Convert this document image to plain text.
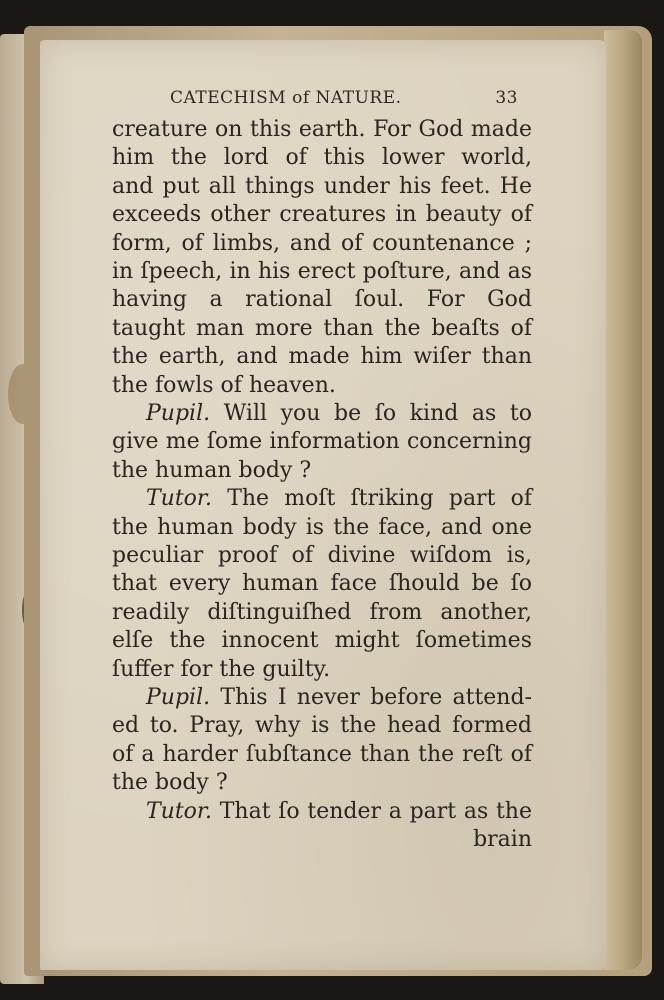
CATECHISM of NATURE.	33
creature on this earth. For God made
him the lord of this lower world,
and put all things under his feet. He
exceeds other creatures in beauty of
form, of limbs, and of countenance ;
in ſpeech, in his erect poſture, and as
having a rational ſoul. For God
taught man more than the beaſts of
the earth, and made him wiſer than
the fowls of heaven.
Pupil. Will you be ſo kind as to
give me ſome information concerning
the human body ?
Tutor. The moſt ſtriking part of
the human body is the face, and one
peculiar proof of divine wiſdom is,
that every human face ſhould be ſo
readily diſtinguiſhed from another,
elſe the innocent might ſometimes
ſuffer for the guilty.
Pupil. This I never before attend-
ed to. Pray, why is the head formed
of a harder ſubſtance than the reſt of
the body ?
Tutor. That ſo tender a part as the
brain
